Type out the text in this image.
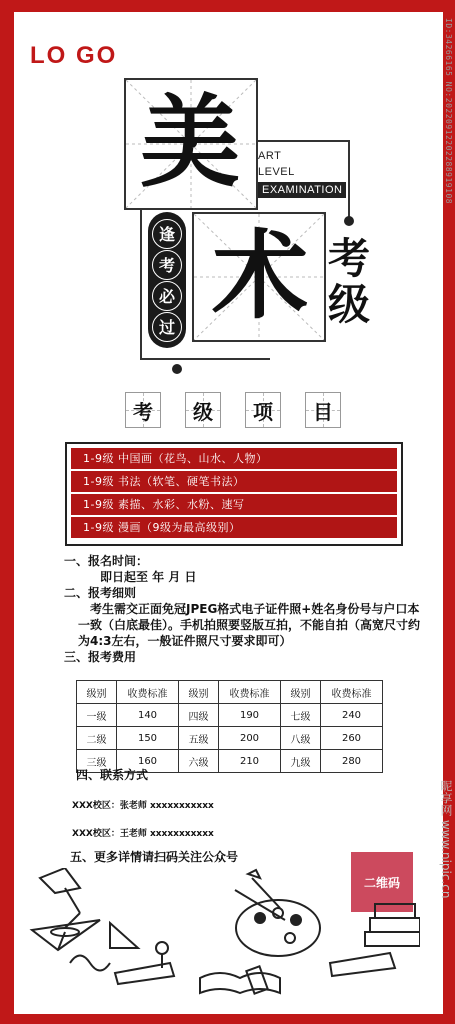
ID:34266165 NO:20220912202288919108
昵享网 www.nipic.cn
LO GO
美 ART
LEVEL
EXAMINATION
术
逢
考
必
过
考
级
考 级 项 目
1-9级 中国画（花鸟、山水、人物）
1-9级 书法（软笔、硬笔书法）
1-9级 素描、水彩、水粉、速写
1-9级 漫画（9级为最高级别）
一、报名时间：
即日起至 年 月 日
二、报考细则
考生需交正面免冠JPEG格式电子证件照+姓名身份号与户口本一致（白底最佳）。手机拍照要竖版互拍，不能自拍（高宽尺寸约为4:3左右，一般证件照尺寸要求即可）
三、报考费用
级别	收费标准	级别	收费标准	级别	收费标准
一级	140	四级	190	七级	240
二级	150	五级	200	八级	260
三级	160	六级	210	九级	280
四、联系方式
XXX校区：张老师 xxxxxxxxxxx
XXX校区：王老师 xxxxxxxxxxx
五、更多详情请扫码关注公众号
二维码
